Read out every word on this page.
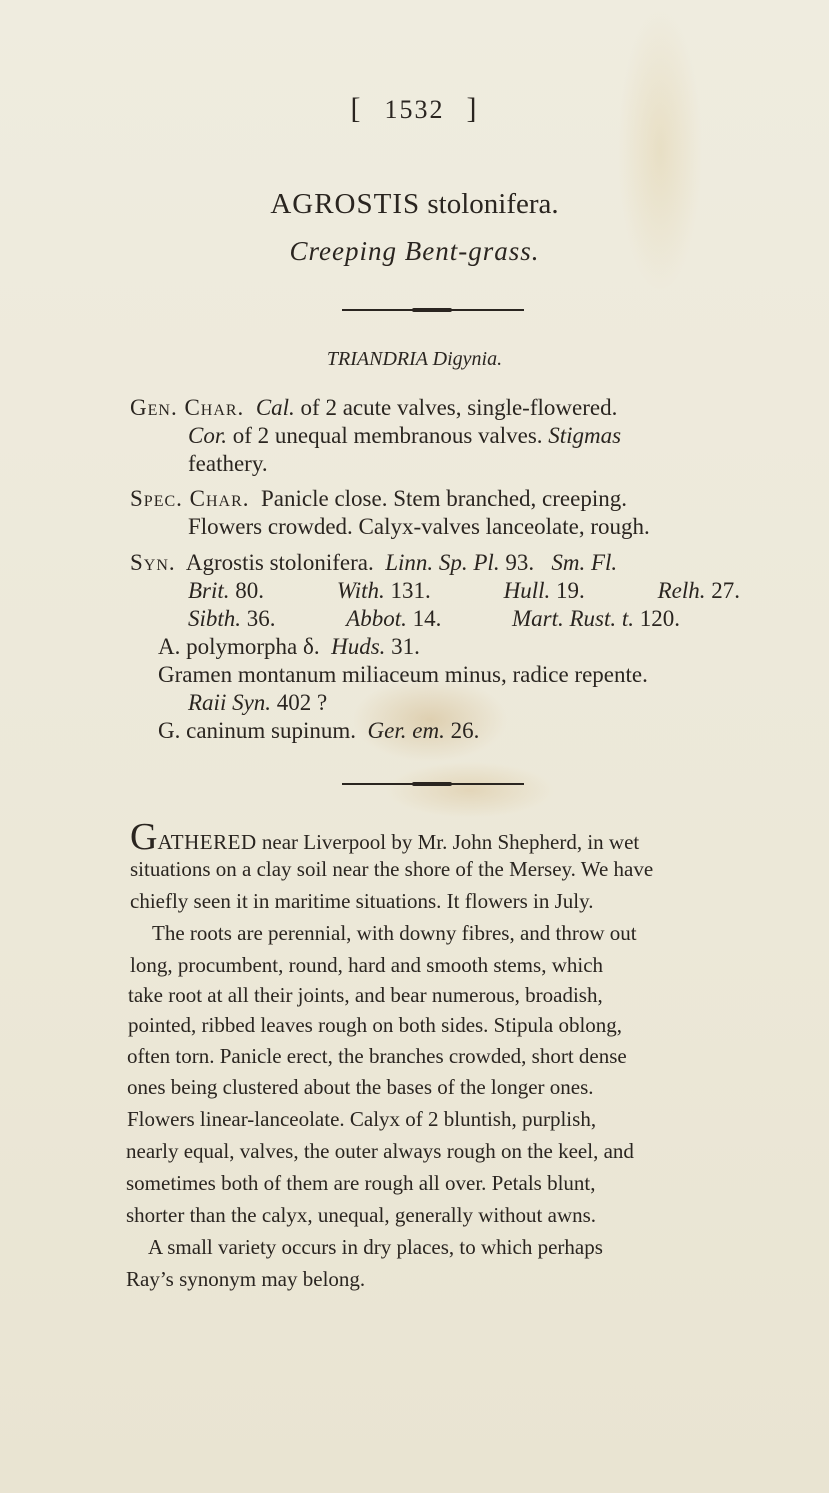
[ 1532 ]
AGROSTIS stolonifera.
Creeping Bent-grass.
TRIANDRIA Digynia.
Gen. Char. Cal. of 2 acute valves, single-flowered.
Cor. of 2 unequal membranous valves. Stigmas
feathery.
Spec. Char. Panicle close. Stem branched, creeping.
Flowers crowded. Calyx-valves lanceolate, rough.
Syn. Agrostis stolonifera. Linn. Sp. Pl. 93. Sm. Fl.
Brit. 80.	With. 131.	Hull. 19.	Relh. 27.
Sibth. 36.	Abbot. 14.	Mart. Rust. t. 120.
A. polymorpha δ. Huds. 31.
Gramen montanum miliaceum minus, radice repente.
Raii Syn. 402 ?
G. caninum supinum. Ger. em. 26.
GATHERED near Liverpool by Mr. John Shepherd, in wet
situations on a clay soil near the shore of the Mersey. We have
chiefly seen it in maritime situations. It flowers in July.
The roots are perennial, with downy fibres, and throw out
long, procumbent, round, hard and smooth stems, which
take root at all their joints, and bear numerous, broadish,
pointed, ribbed leaves rough on both sides. Stipula oblong,
often torn. Panicle erect, the branches crowded, short dense
ones being clustered about the bases of the longer ones.
Flowers linear-lanceolate. Calyx of 2 bluntish, purplish,
nearly equal, valves, the outer always rough on the keel, and
sometimes both of them are rough all over. Petals blunt,
shorter than the calyx, unequal, generally without awns.
A small variety occurs in dry places, to which perhaps
Ray’s synonym may belong.
